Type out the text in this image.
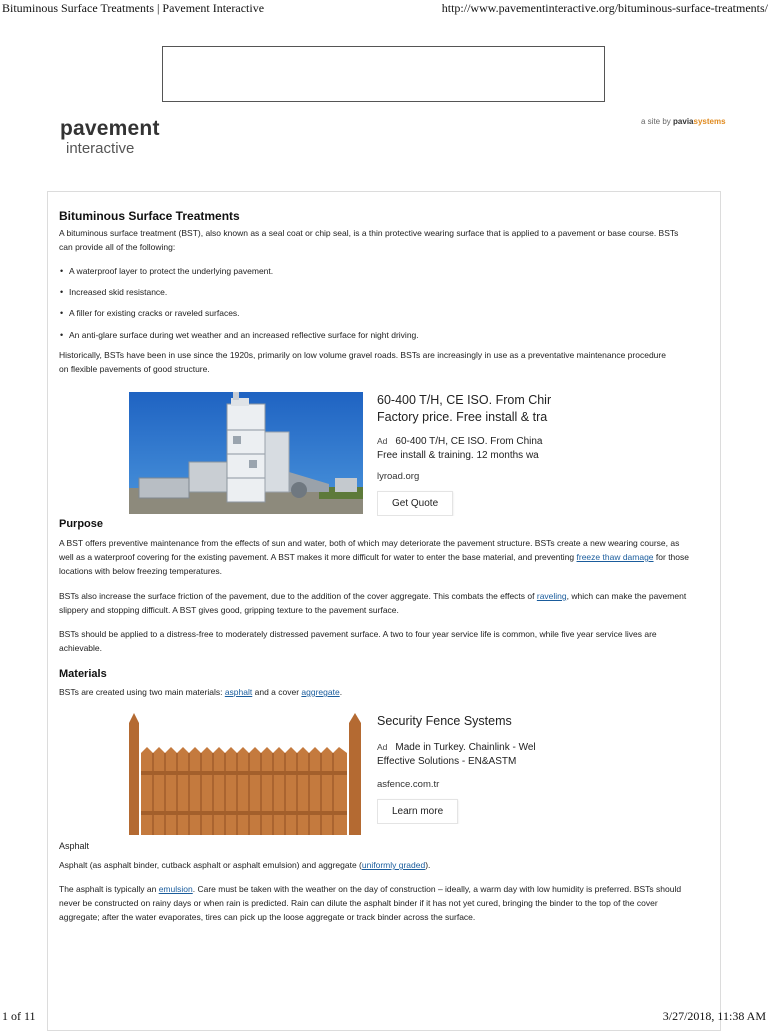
Bituminous Surface Treatments | Pavement Interactive	http://www.pavementinteractive.org/bituminous-surface-treatments/
pavement
interactive
a site by paviasystems
Bituminous Surface Treatments

A bituminous surface treatment (BST), also known as a seal coat or chip seal, is a thin protective wearing surface that is applied to a pavement or base course. BSTs can provide all of the following:

• A waterproof layer to protect the underlying pavement.
• Increased skid resistance.
• A filler for existing cracks or raveled surfaces.
• An anti-glare surface during wet weather and an increased reflective surface for night driving.

Historically, BSTs have been in use since the 1920s, primarily on low volume gravel roads. BSTs are increasingly in use as a preventative maintenance procedure on flexible pavements of good structure.

Purpose

A BST offers preventive maintenance from the effects of sun and water, both of which may deteriorate the pavement structure. BSTs create a new wearing course, as well as a waterproof covering for the existing pavement. A BST makes it more difficult for water to enter the base material, and preventing freeze thaw damage for those locations with below freezing temperatures.

BSTs also increase the surface friction of the pavement, due to the addition of the cover aggregate. This combats the effects of raveling, which can make the pavement slippery and stopping difficult. A BST gives good, gripping texture to the pavement surface.

BSTs should be applied to a distress-free to moderately distressed pavement surface. A two to four year service life is common, while five year service lives are achievable.

Materials

BSTs are created using two main materials: asphalt and a cover aggregate.

Asphalt

Asphalt (as asphalt binder, cutback asphalt or asphalt emulsion) and aggregate (uniformly graded).

The asphalt is typically an emulsion. Care must be taken with the weather on the day of construction – ideally, a warm day with low humidity is preferred. BSTs should never be constructed on rainy days or when rain is predicted. Rain can dilute the asphalt binder if it has not yet cured, bringing the binder to the top of the cover aggregate; after the water evaporates, tires can pick up the loose aggregate or track binder across the surface.

60-400 T/H, CE ISO. From Chir
Factory price. Free install & tra
Ad 60-400 T/H, CE ISO. From China
Free install & training. 12 months wa
lyroad.org
Get Quote
Security Fence Systems
Ad Made in Turkey. Chainlink - Wel
Effective Solutions - EN&ASTM
asfence.com.tr
Learn more
1 of 11	3/27/2018, 11:38 AM
